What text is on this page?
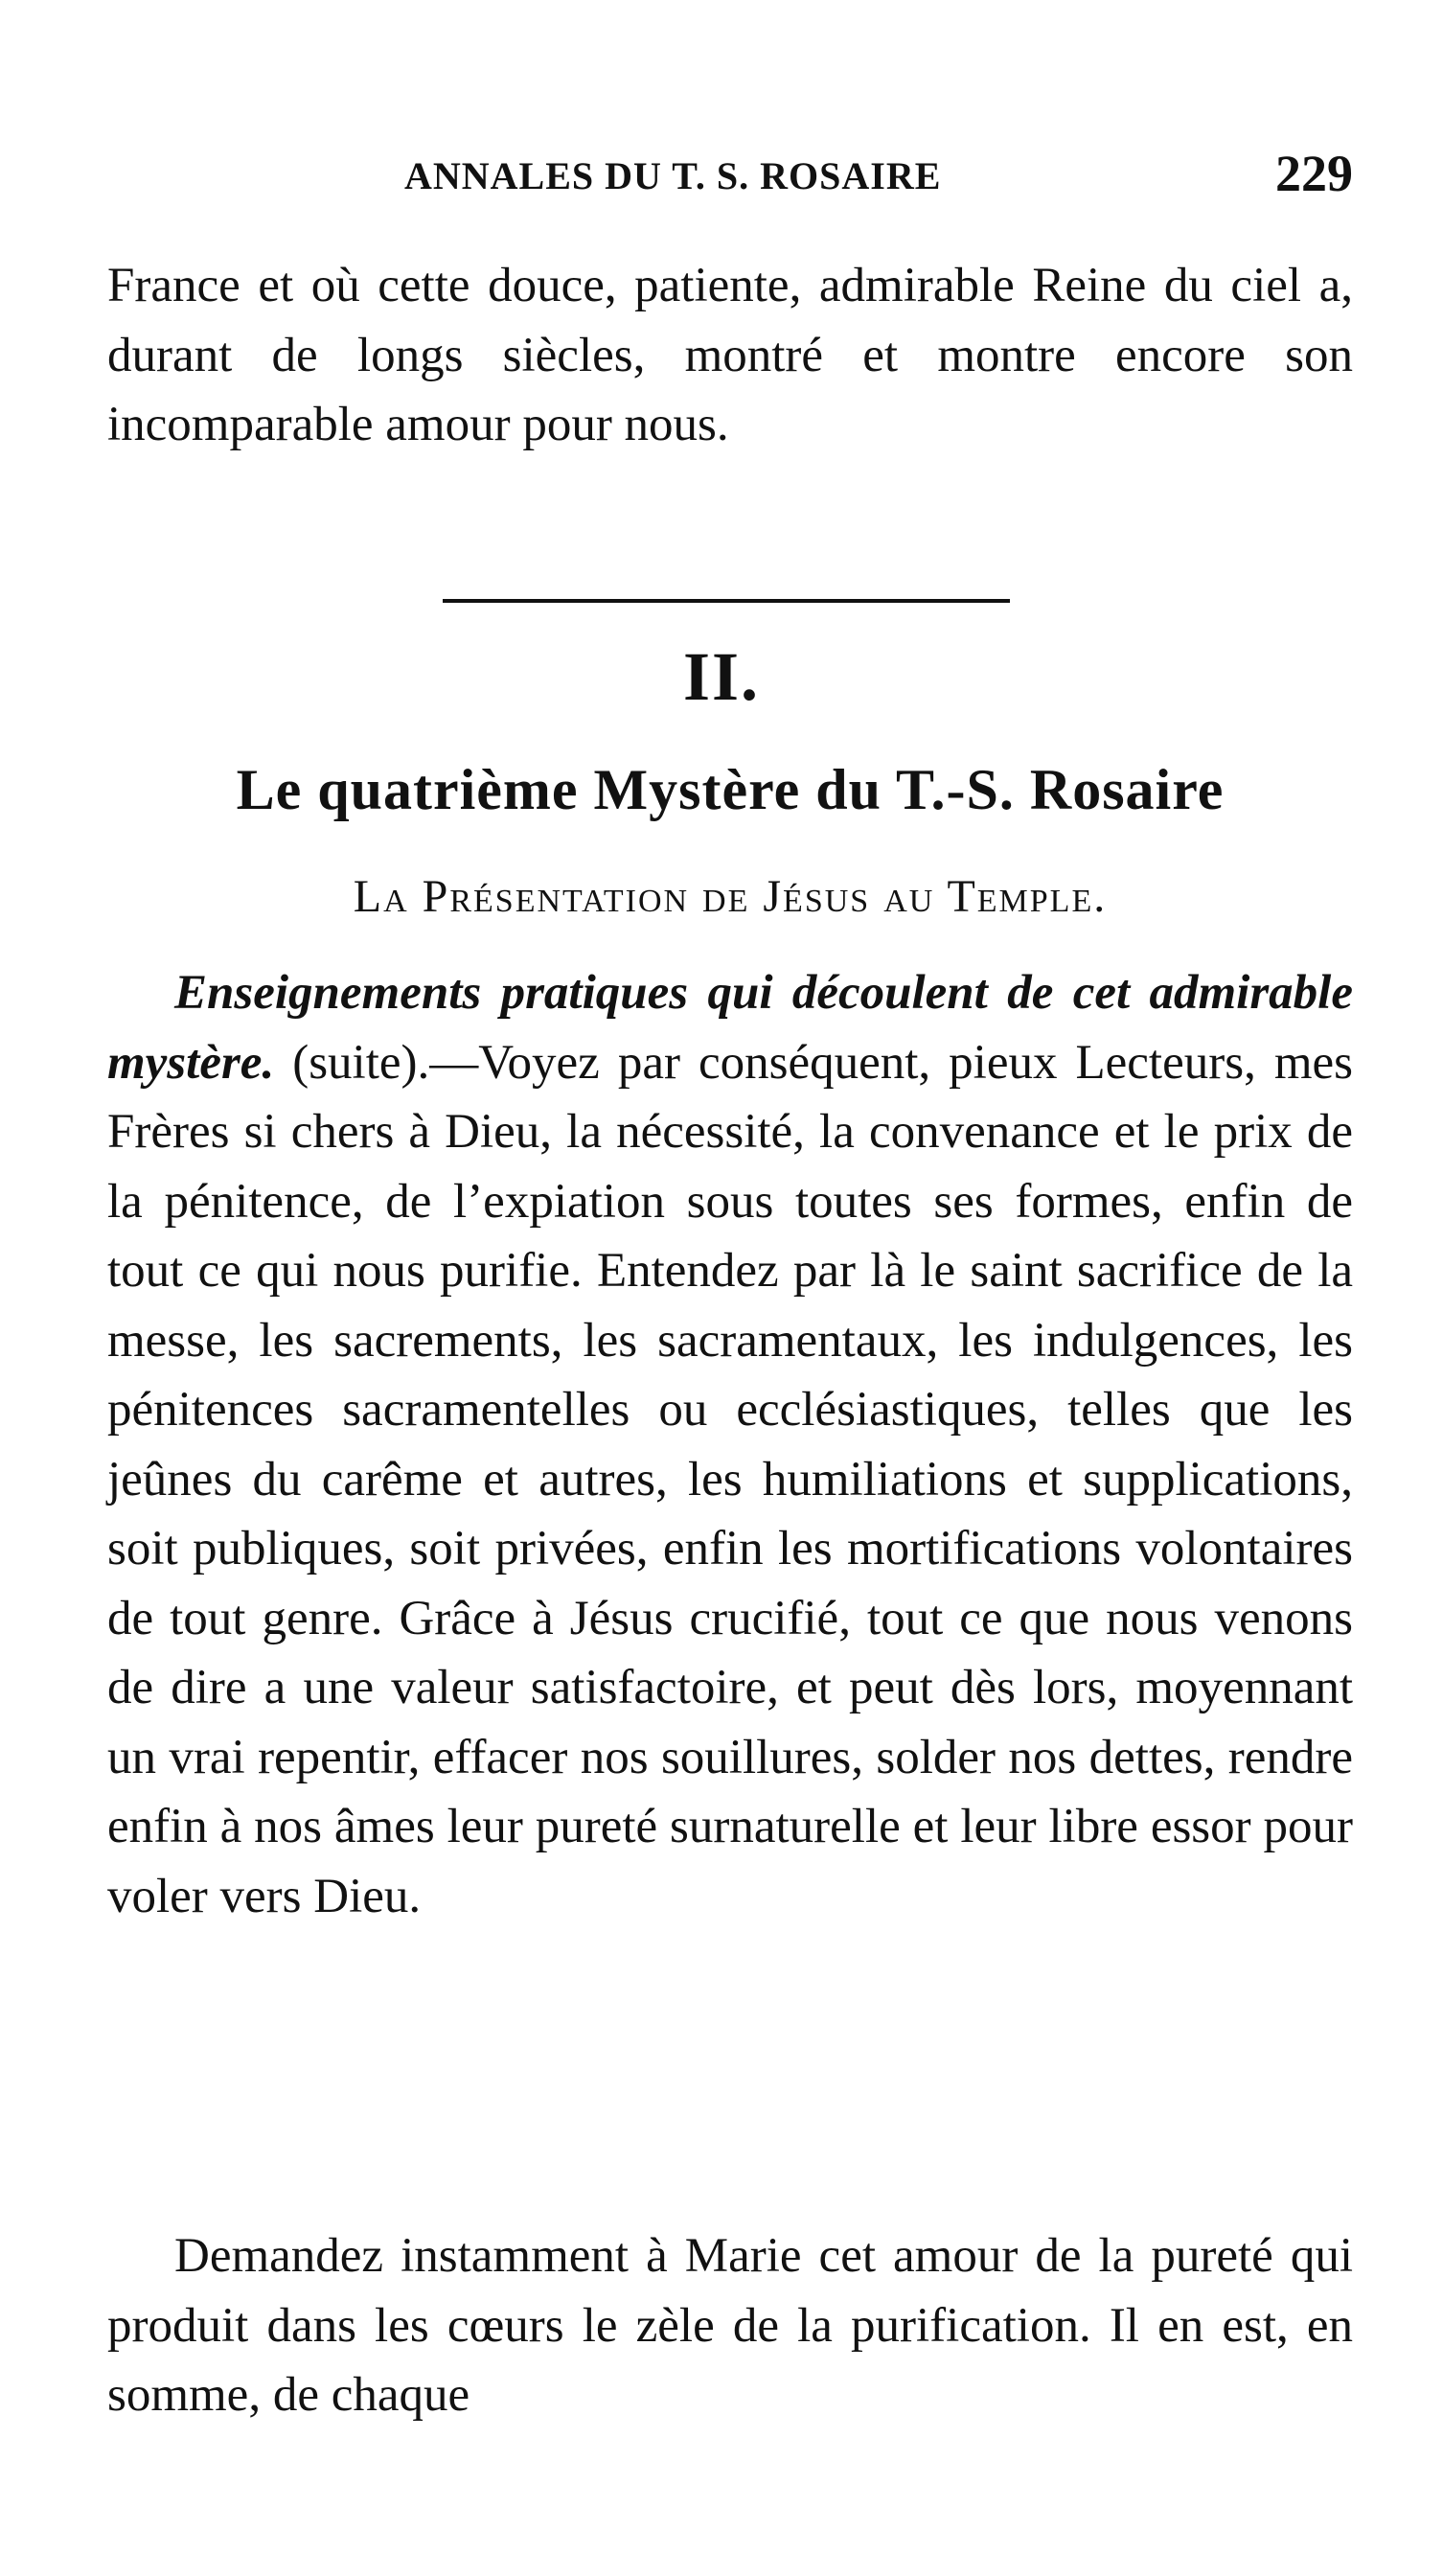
ANNALES DU T. S. ROSAIRE	229

France et où cette douce, patiente, admirable Reine du ciel a, durant de longs siècles, montré et montre encore son incomparable amour pour nous.

II.
Le quatrième Mystère du T.-S. Rosaire
La Présentation de Jésus au Temple.

Enseignements pratiques qui découlent de cet admirable mystère. (suite).—Voyez par conséquent, pieux Lecteurs, mes Frères si chers à Dieu, la nécessité, la convenance et le prix de la pénitence, de l’expiation sous toutes ses formes, enfin de tout ce qui nous purifie. Entendez par là le saint sacrifice de la messe, les sacrements, les sacramentaux, les indulgences, les pénitences sacramentelles ou ecclésiastiques, telles que les jeûnes du carême et autres, les humiliations et supplications, soit publiques, soit privées, enfin les mortifications volontaires de tout genre. Grâce à Jésus crucifié, tout ce que nous venons de dire a une valeur satisfactoire, et peut dès lors, moyennant un vrai repentir, effacer nos souillures, solder nos dettes, rendre enfin à nos âmes leur pureté surnaturelle et leur libre essor pour voler vers Dieu.

Demandez instamment à Marie cet amour de la pureté qui produit dans les cœurs le zèle de la purification. Il en est, en somme, de chaque
